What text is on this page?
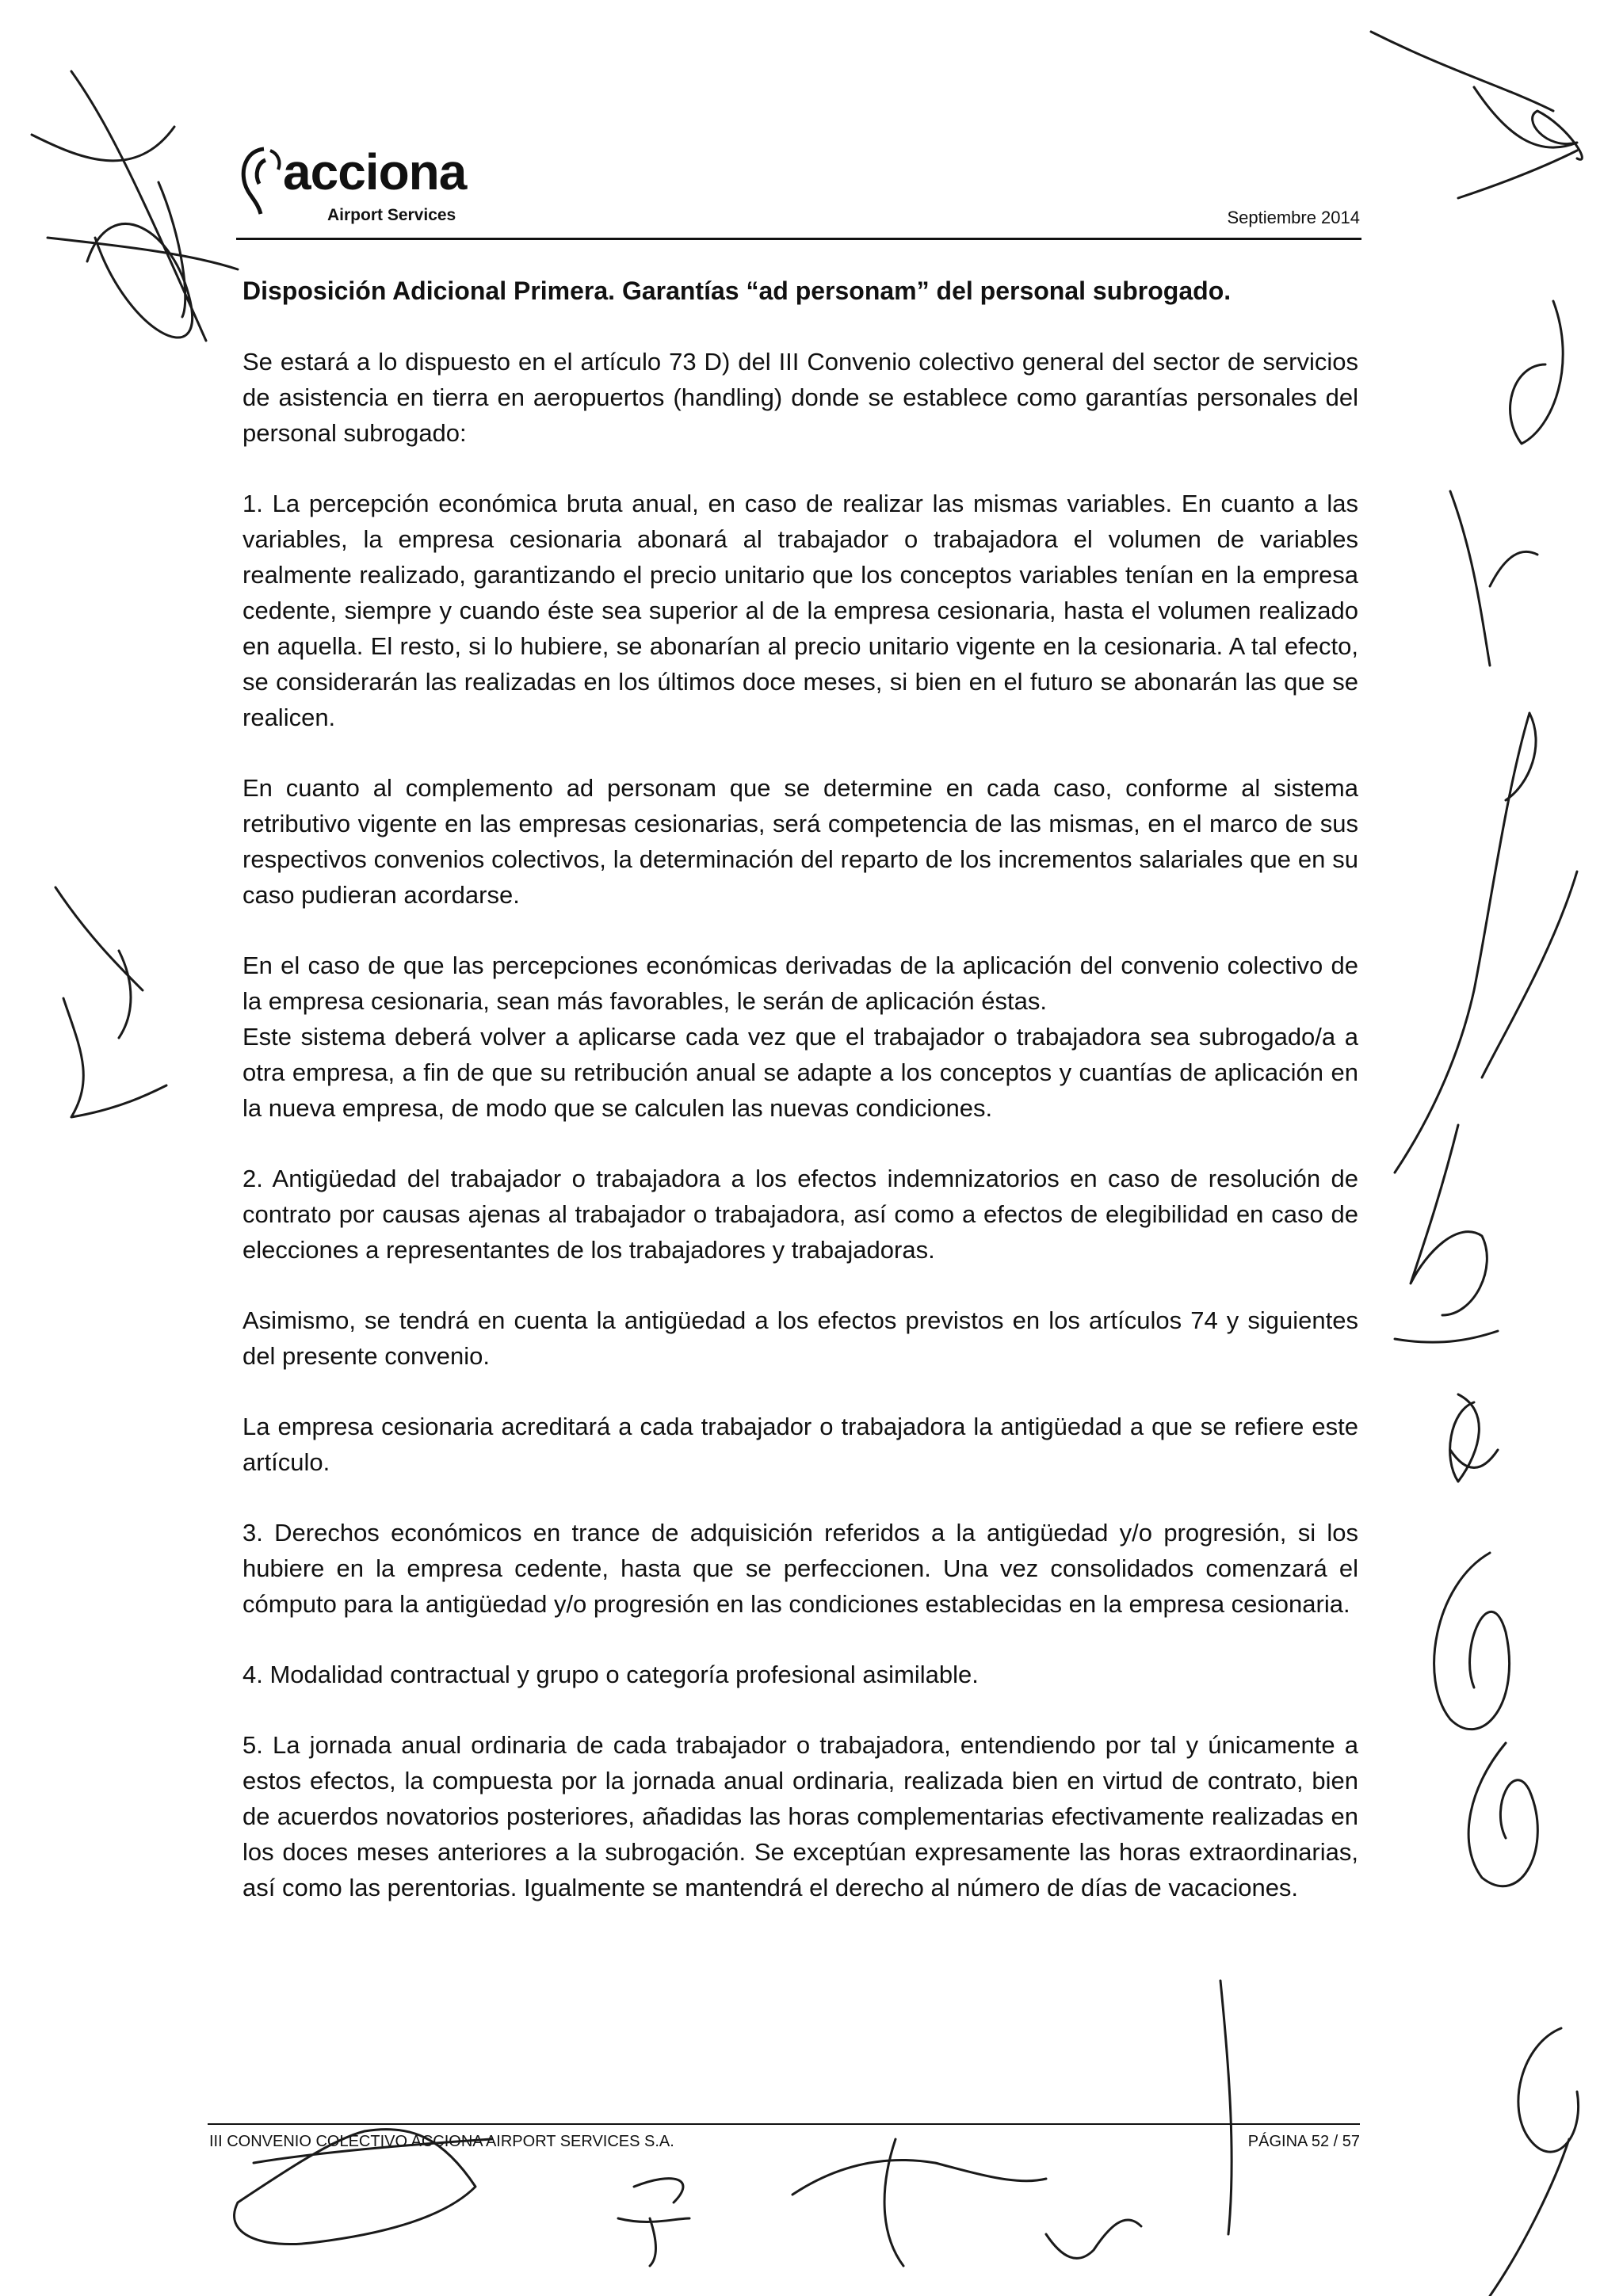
acciona
Airport Services	Septiembre 2014
Disposición Adicional Primera. Garantías “ad personam” del personal subrogado.

Se estará a lo dispuesto en el artículo 73 D) del III Convenio colectivo general del sector de servicios de asistencia en tierra en aeropuertos (handling) donde se establece como garantías personales del personal subrogado:

1. La percepción económica bruta anual, en caso de realizar las mismas variables. En cuanto a las variables, la empresa cesionaria abonará al trabajador o trabajadora el volumen de variables realmente realizado, garantizando el precio unitario que los conceptos variables tenían en la empresa cedente, siempre y cuando éste sea superior al de la empresa cesionaria, hasta el volumen realizado en aquella. El resto, si lo hubiere, se abonarían al precio unitario vigente en la cesionaria. A tal efecto, se considerarán las realizadas en los últimos doce meses, si bien en el futuro se abonarán las que se realicen.

En cuanto al complemento ad personam que se determine en cada caso, conforme al sistema retributivo vigente en las empresas cesionarias, será competencia de las mismas, en el marco de sus respectivos convenios colectivos, la determinación del reparto de los incrementos salariales que en su caso pudieran acordarse.

En el caso de que las percepciones económicas derivadas de la aplicación del convenio colectivo de la empresa cesionaria, sean más favorables, le serán de aplicación éstas.

Este sistema deberá volver a aplicarse cada vez que el trabajador o trabajadora sea subrogado/a a otra empresa, a fin de que su retribución anual se adapte a los conceptos y cuantías de aplicación en la nueva empresa, de modo que se calculen las nuevas condiciones.

2. Antigüedad del trabajador o trabajadora a los efectos indemnizatorios en caso de resolución de contrato por causas ajenas al trabajador o trabajadora, así como a efectos de elegibilidad en caso de elecciones a representantes de los trabajadores y trabajadoras.

Asimismo, se tendrá en cuenta la antigüedad a los efectos previstos en los artículos 74 y siguientes del presente convenio.

La empresa cesionaria acreditará a cada trabajador o trabajadora la antigüedad a que se refiere este artículo.

3. Derechos económicos en trance de adquisición referidos a la antigüedad y/o progresión, si los hubiere en la empresa cedente, hasta que se perfeccionen. Una vez consolidados comenzará el cómputo para la antigüedad y/o progresión en las condiciones establecidas en la empresa cesionaria.

4. Modalidad contractual y grupo o categoría profesional asimilable.

5. La jornada anual ordinaria de cada trabajador o trabajadora, entendiendo por tal y únicamente a estos efectos, la compuesta por la jornada anual ordinaria, realizada bien en virtud de contrato, bien de acuerdos novatorios posteriores, añadidas las horas complementarias efectivamente realizadas en los doces meses anteriores a la subrogación. Se exceptúan expresamente las horas extraordinarias, así como las perentorias. Igualmente se mantendrá el derecho al número de días de vacaciones.

III CONVENIO COLECTIVO ACCIONA AIRPORT SERVICES S.A.	PÁGINA 52 / 57
